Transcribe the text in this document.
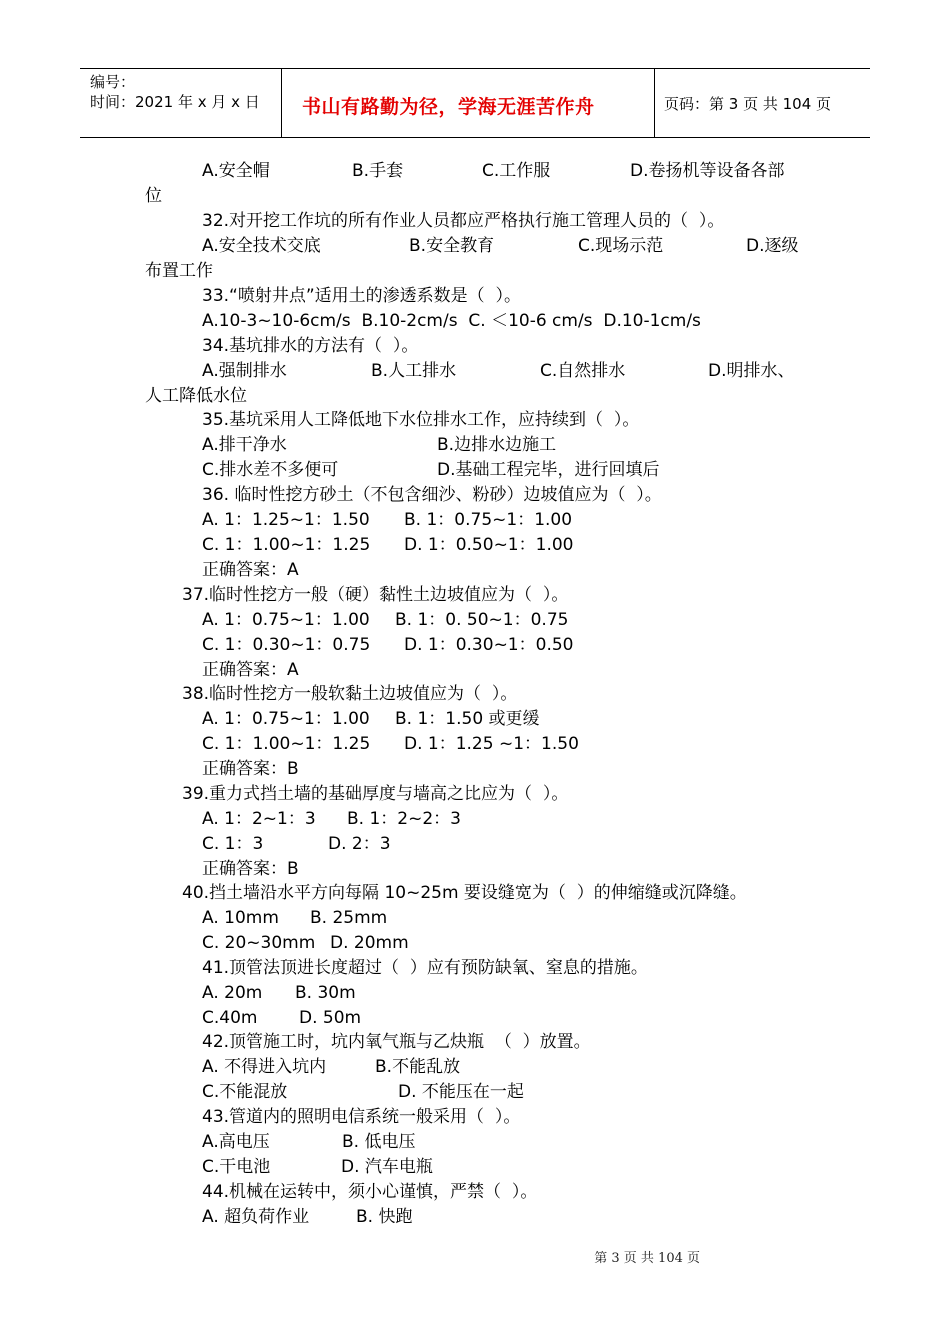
编号：
时间：2021 年 x 月 x 日 书山有路勤为径，学海无涯苦作舟	页码：第 3 页 共 104 页
A.安全帽	B.手套	C.工作服	D.卷扬机等设备各部
位
32.对开挖工作坑的所有作业人员都应严格执行施工管理人员的（  ）。
A.安全技术交底	B.安全教育	C.现场示范	D.逐级
布置工作
33.“喷射井点”适用土的渗透系数是（  ）。
A.10-3~10-6cm/s  B.10-2cm/s  C. ＜10-6 cm/s  D.10-1cm/s
34.基坑排水的方法有（  ）。
A.强制排水	B.人工排水	C.自然排水	D.明排水、
人工降低水位
35.基坑采用人工降低地下水位排水工作，应持续到（  ）。
A.排干净水	B.边排水边施工
C.排水差不多便可	D.基础工程完毕，进行回填后
36. 临时性挖方砂土（不包含细沙、粉砂）边坡值应为（  ）。
A. 1：1.25~1：1.50 B. 1：0.75~1：1.00
C. 1：1.00~1：1.25 D. 1：0.50~1：1.00
正确答案：A
37.临时性挖方一般（硬）黏性土边坡值应为（  ）。
A. 1：0.75~1：1.00 B. 1：0. 50~1：0.75
C. 1：0.30~1：0.75 D. 1：0.30~1：0.50
正确答案：A
38.临时性挖方一般软黏土边坡值应为（  ）。
A. 1：0.75~1：1.00 B. 1：1.50 或更缓
C. 1：1.00~1：1.25 D. 1：1.25 ~1：1.50
正确答案：B
39.重力式挡土墙的基础厚度与墙高之比应为（  ）。
A. 1：2~1：3 B. 1：2~2：3
C. 1：3	D. 2：3
正确答案：B
40.挡土墙沿水平方向每隔 10~25m 要设缝宽为（  ）的伸缩缝或沉降缝。
A. 10mm B. 25mm
C. 20~30mm D. 20mm
41.顶管法顶进长度超过（  ）应有预防缺氧、窒息的措施。
A. 20m B. 30m
C.40m D. 50m
42.顶管施工时，坑内氧气瓶与乙炔瓶  （  ）放置。
A. 不得进入坑内	B.不能乱放
C.不能混放	D. 不能压在一起
43.管道内的照明电信系统一般采用（  ）。
A.高电压	B. 低电压
C.干电池	D. 汽车电瓶
44.机械在运转中，须小心谨慎，严禁（  ）。
A. 超负荷作业	B. 快跑
第 3 页 共 104 页
